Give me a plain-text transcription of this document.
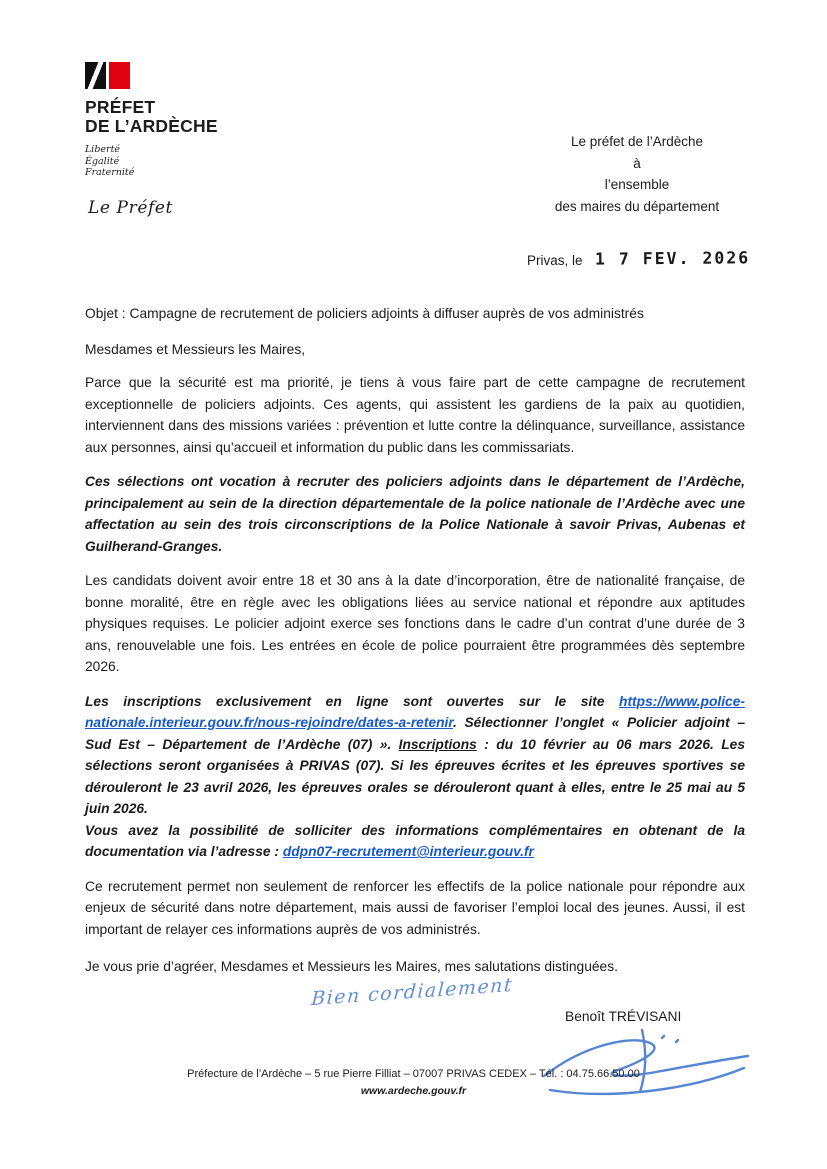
PRÉFET
DE L’ARDÈCHE
Liberté
Égalité
Fraternité
Le Préfet
Le préfet de l’Ardèche
à
l’ensemble
des maires du département
Privas, le 1 7 FEV. 2026

Objet : Campagne de recrutement de policiers adjoints à diffuser auprès de vos administrés

Mesdames et Messieurs les Maires,

Parce que la sécurité est ma priorité, je tiens à vous faire part de cette campagne de recrutement exceptionnelle de policiers adjoints. Ces agents, qui assistent les gardiens de la paix au quotidien, interviennent dans des missions variées : prévention et lutte contre la délinquance, surveillance, assistance aux personnes, ainsi qu’accueil et information du public dans les commissariats.

Ces sélections ont vocation à recruter des policiers adjoints dans le département de l’Ardèche, principalement au sein de la direction départementale de la police nationale de l’Ardèche avec une affectation au sein des trois circonscriptions de la Police Nationale à savoir Privas, Aubenas et Guilherand-Granges.

Les candidats doivent avoir entre 18 et 30 ans à la date d’incorporation, être de nationalité française, de bonne moralité, être en règle avec les obligations liées au service national et répondre aux aptitudes physiques requises. Le policier adjoint exerce ses fonctions dans le cadre d’un contrat d’une durée de 3 ans, renouvelable une fois. Les entrées en école de police pourraient être programmées dès septembre 2026.

Les inscriptions exclusivement en ligne sont ouvertes sur le site https://www.police-nationale.interieur.gouv.fr/nous-rejoindre/dates-a-retenir. Sélectionner l’onglet « Policier adjoint – Sud Est – Département de l’Ardèche (07) ». Inscriptions : du 10 février au 06 mars 2026. Les sélections seront organisées à PRIVAS (07). Si les épreuves écrites et les épreuves sportives se dérouleront le 23 avril 2026, les épreuves orales se dérouleront quant à elles, entre le 25 mai au 5 juin 2026.

Vous avez la possibilité de solliciter des informations complémentaires en obtenant de la documentation via l’adresse : ddpn07-recrutement@interieur.gouv.fr

Ce recrutement permet non seulement de renforcer les effectifs de la police nationale pour répondre aux enjeux de sécurité dans notre département, mais aussi de favoriser l’emploi local des jeunes. Aussi, il est important de relayer ces informations auprès de vos administrés.

Je vous prie d’agréer, Mesdames et Messieurs les Maires, mes salutations distinguées.

Bien cordialement
Benoît TRÉVISANI
Préfecture de l’Ardèche – 5 rue Pierre Filliat – 07007 PRIVAS CEDEX – Tél. : 04.75.66.50.00
www.ardeche.gouv.fr
